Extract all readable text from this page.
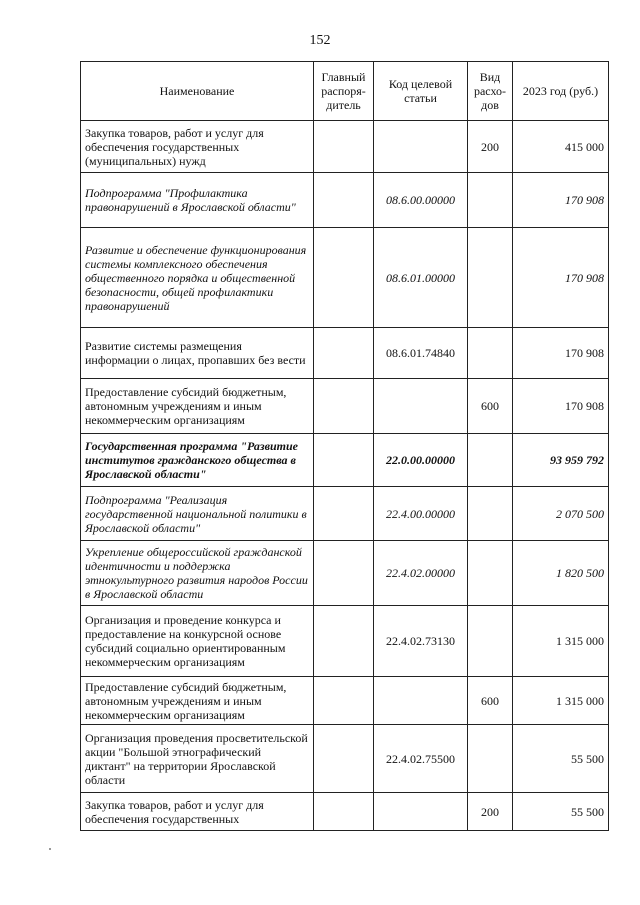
152
Наименование	Главный распоря-дитель	Код целевой статьи	Вид расхо-дов	2023 год (руб.)
Закупка товаров, работ и услуг для обеспечения государственных (муниципальных) нужд			200	415 000
Подпрограмма "Профилактика правонарушений в Ярославской области"		08.6.00.00000		170 908
Развитие и обеспечение функционирования системы комплексного обеспечения общественного порядка и общественной безопасности, общей профилактики правонарушений		08.6.01.00000		170 908
Развитие системы размещения информации о лицах, пропавших без вести		08.6.01.74840		170 908
Предоставление субсидий бюджетным, автономным учреждениям и иным некоммерческим организациям			600	170 908
Государственная программа "Развитие институтов гражданского общества в Ярославской области"		22.0.00.00000		93 959 792
Подпрограмма "Реализация государственной национальной политики в Ярославской области"		22.4.00.00000		2 070 500
Укрепление общероссийской гражданской идентичности и поддержка этнокультурного развития народов России в Ярославской области		22.4.02.00000		1 820 500
Организация и проведение конкурса и предоставление на конкурсной основе субсидий социально ориентированным некоммерческим организациям		22.4.02.73130		1 315 000
Предоставление субсидий бюджетным, автономным учреждениям и иным некоммерческим организациям			600	1 315 000
Организация проведения просветительской акции "Большой этнографический диктант" на территории Ярославской области		22.4.02.75500		55 500
Закупка товаров, работ и услуг для обеспечения государственных			200	55 500
